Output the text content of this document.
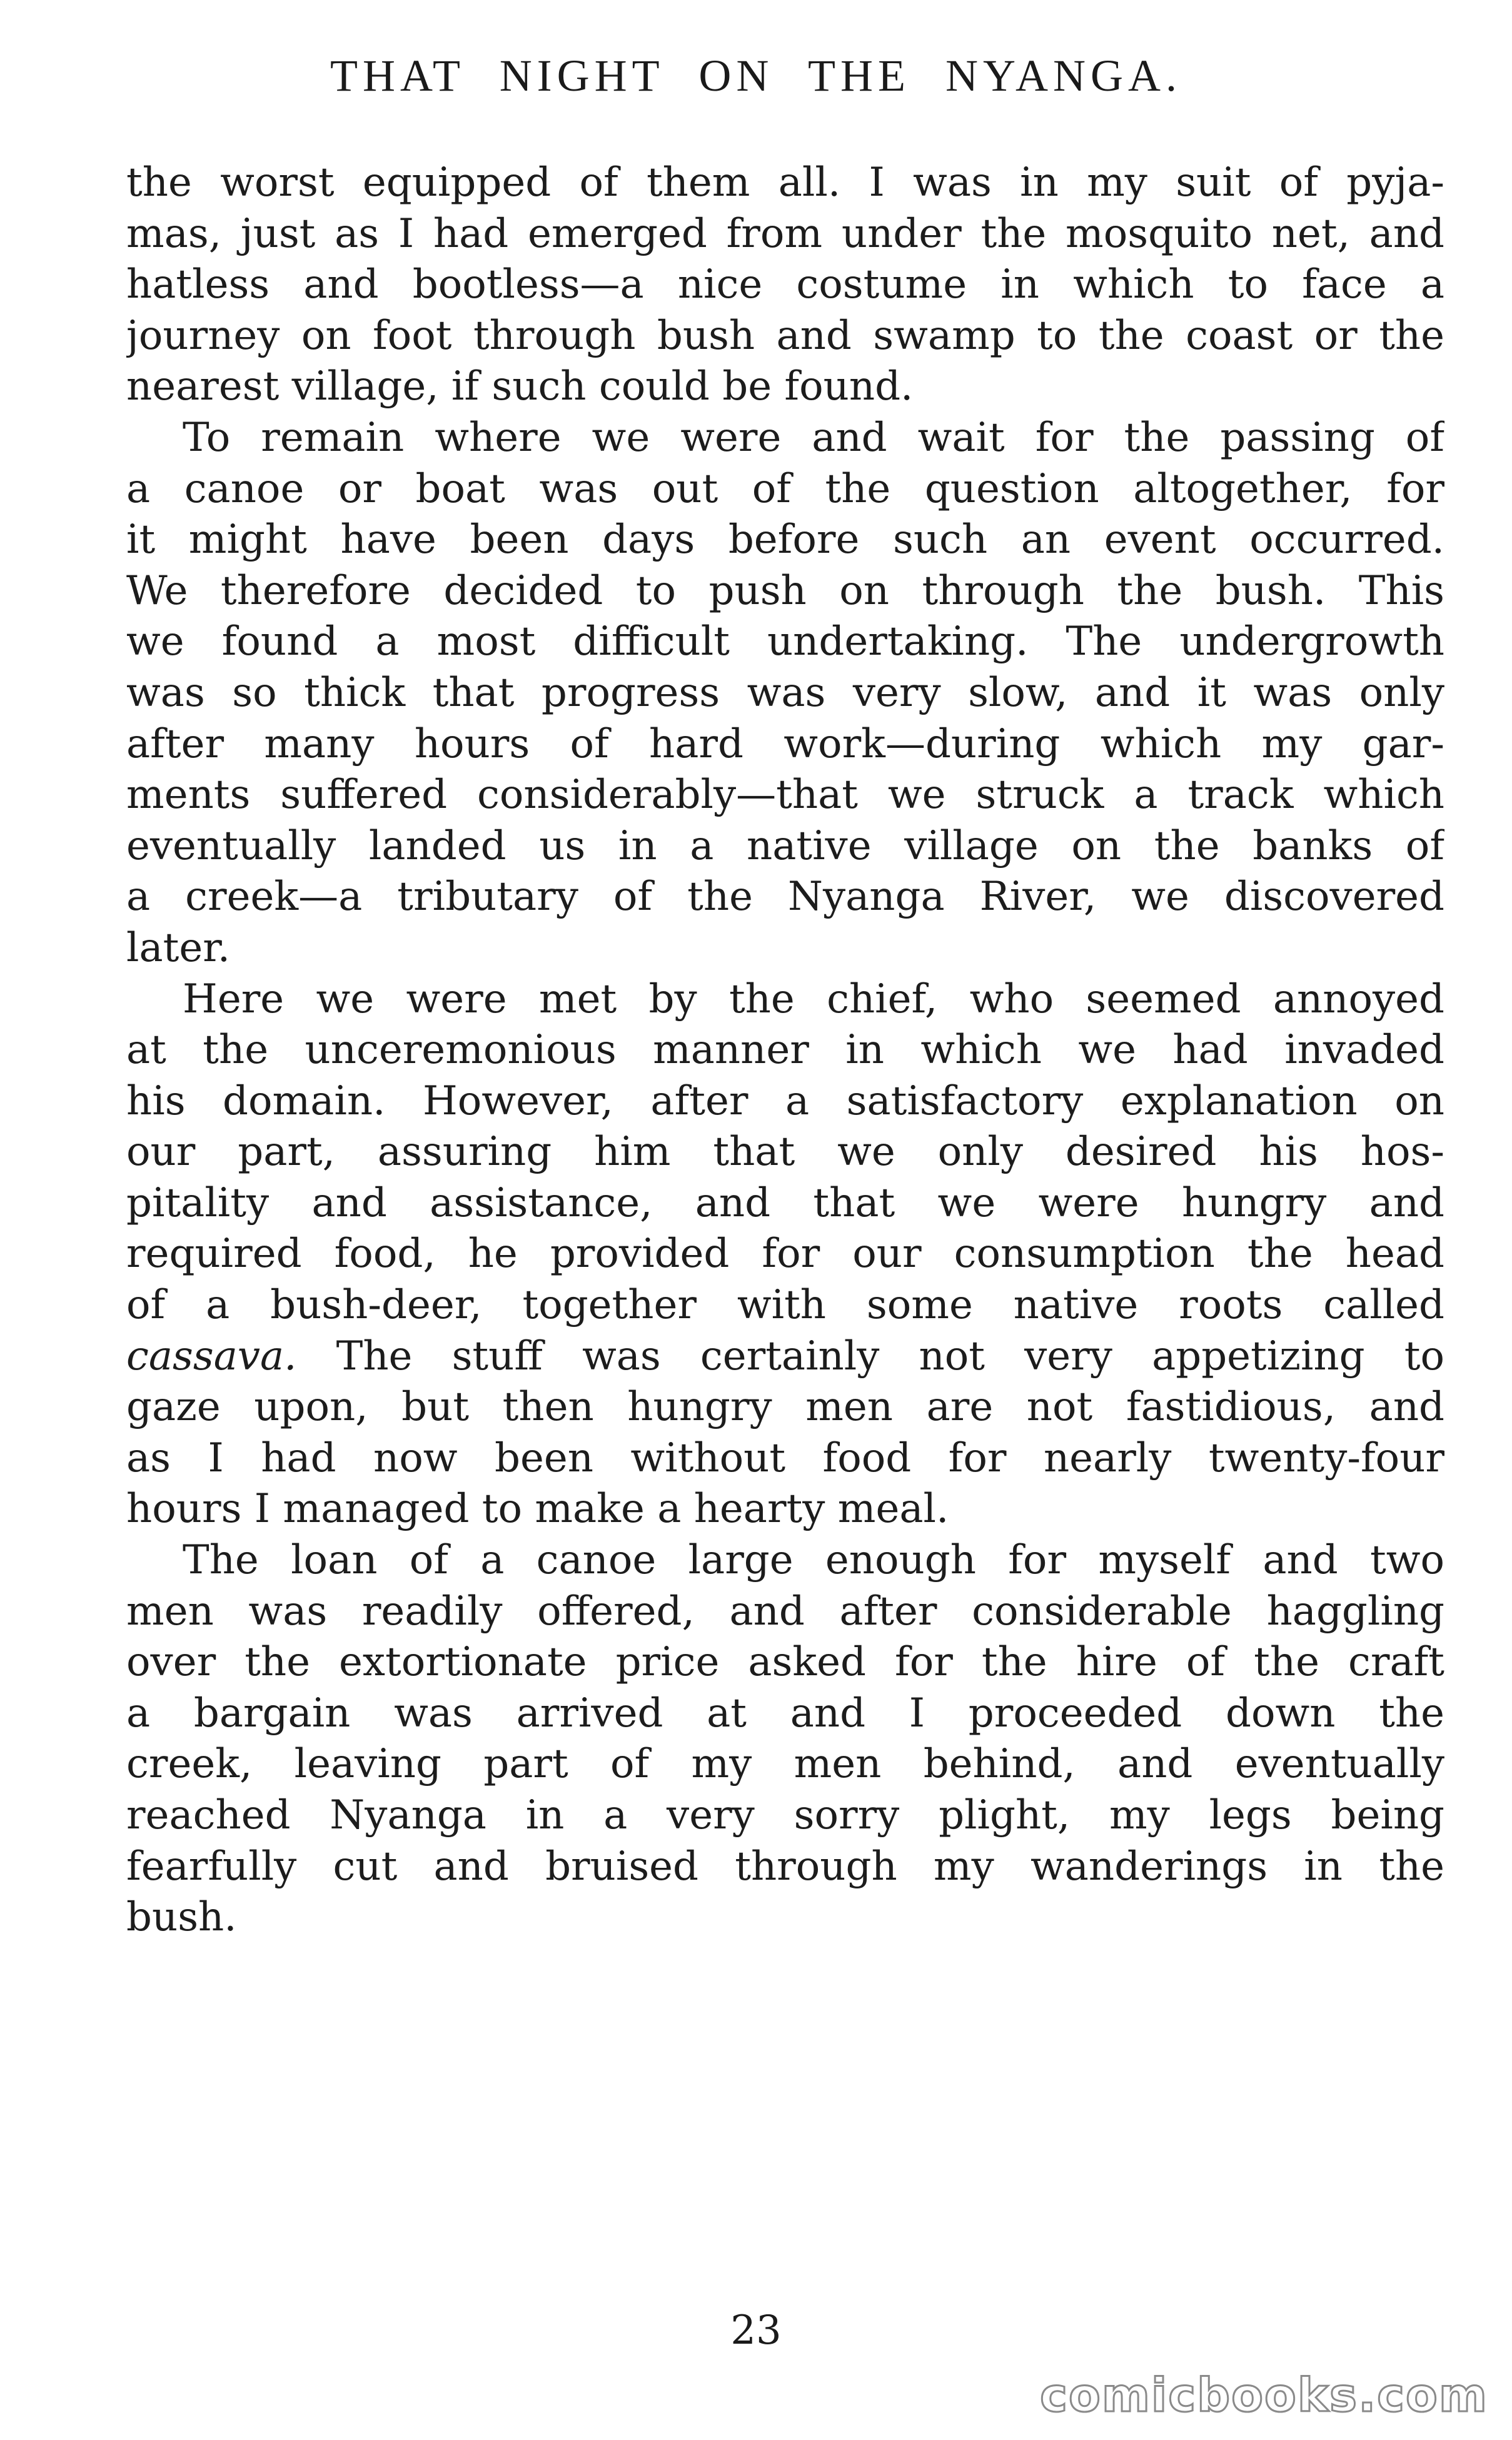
THAT NIGHT ON THE NYANGA.
the worst equipped of them all. I was in my suit of pyja-
mas, just as I had emerged from under the mosquito net, and
hatless and bootless—a nice costume in which to face a
journey on foot through bush and swamp to the coast or the
nearest village, if such could be found.
To remain where we were and wait for the passing of
a canoe or boat was out of the question altogether, for
it might have been days before such an event occurred.
We therefore decided to push on through the bush. This
we found a most difficult undertaking. The undergrowth
was so thick that progress was very slow, and it was only
after many hours of hard work—during which my gar-
ments suffered considerably—that we struck a track which
eventually landed us in a native village on the banks of
a creek—a tributary of the Nyanga River, we discovered
later.
Here we were met by the chief, who seemed annoyed
at the unceremonious manner in which we had invaded
his domain. However, after a satisfactory explanation on
our part, assuring him that we only desired his hos-
pitality and assistance, and that we were hungry and
required food, he provided for our consumption the head
of a bush-deer, together with some native roots called
cassava. The stuff was certainly not very appetizing to
gaze upon, but then hungry men are not fastidious, and
as I had now been without food for nearly twenty-four
hours I managed to make a hearty meal.
The loan of a canoe large enough for myself and two
men was readily offered, and after considerable haggling
over the extortionate price asked for the hire of the craft
a bargain was arrived at and I proceeded down the
creek, leaving part of my men behind, and eventually
reached Nyanga in a very sorry plight, my legs being
fearfully cut and bruised through my wanderings in the
bush.
23
comicbooks.com
